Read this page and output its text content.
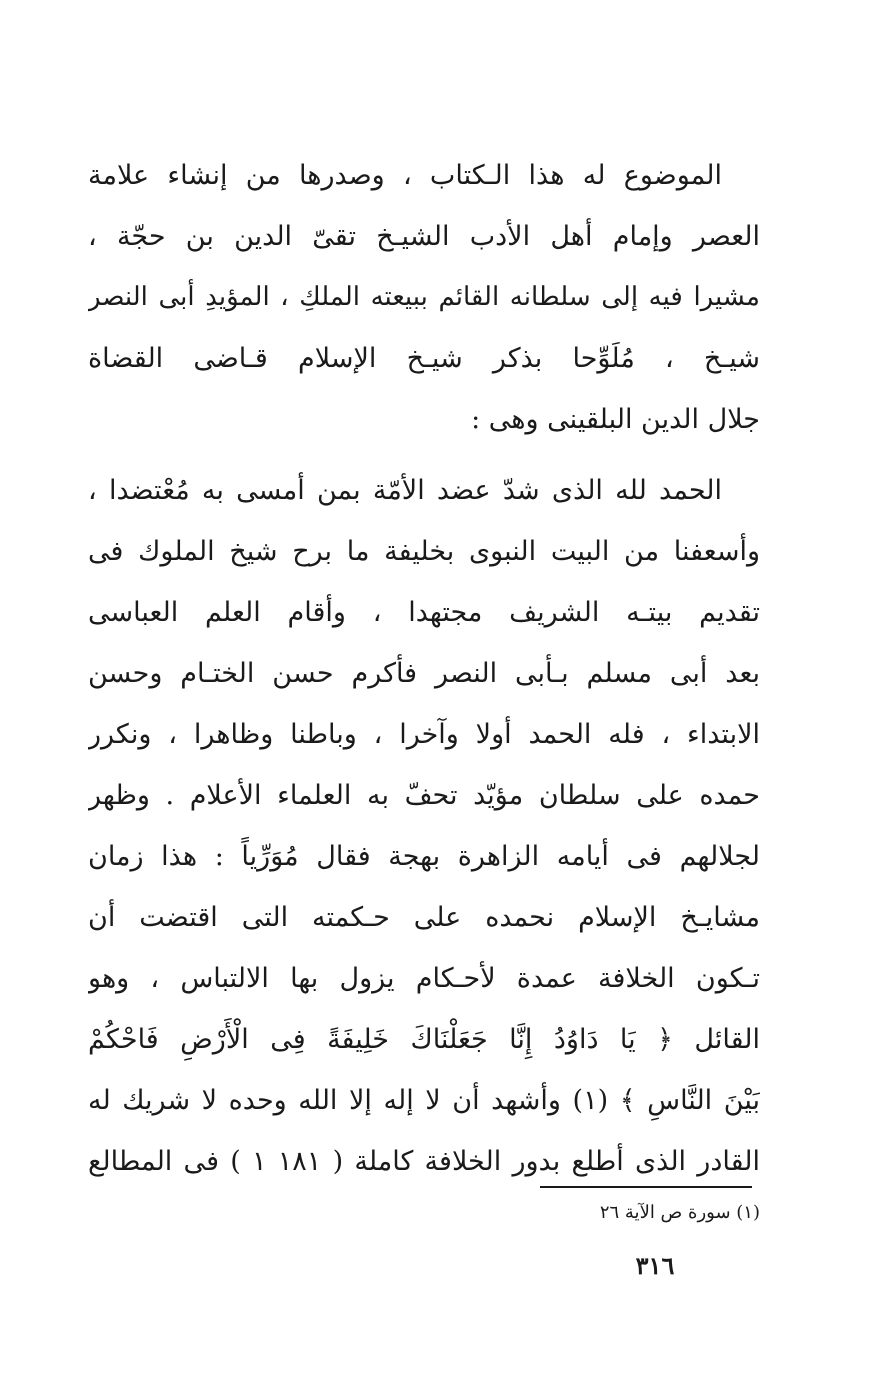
الموضوع له هذا الـكتاب ، وصدرها من إنشاء علامة
العصر وإمام أهل الأدب الشيـخ تقىّ الدين بن حجّة ،
مشيرا فيه إلى سلطانه القائم ببيعته الملكِ ، المؤيدِ أبى النصر
شيـخ ، مُلَوِّحا بذكر شيـخ الإسلام قـاضى القضاة
جلال الدين البلقينى وهى :
الحمد لله الذى شدّ عضد الأمّة بمن أمسى به مُعْتضدا ،
وأسعفنا من البيت النبوى بخليفة ما برح شيخ الملوك فى
تقديم بيتـه الشريف مجتهدا ، وأقام العلم العباسى
بعد أبى مسلم بـأبى النصر فأكرم حسن الختـام وحسن
الابتداء ، فله الحمد أولا وآخرا ، وباطنا وظاهرا ، ونكرر
حمده على سلطان مؤيّد تحفّ به العلماء الأعلام . وظهر
لجلالهم فى أيامه الزاهرة بهجة فقال مُوَرِّياً : هذا زمان
مشايـخ الإسلام نحمده على حـكمته التى اقتضت أن
تـكون الخلافة عمدة لأحـكام يزول بها الالتباس ، وهو
القائل ﴿ يَا دَاوُدُ إِنَّا جَعَلْنَاكَ خَلِيفَةً فِى الْأَرْضِ فَاحْكُمْ
بَيْنَ النَّاسِ ﴾ (١) وأشهد أن لا إله إلا الله وحده لا شريك له
القادر الذى أطلع بدور الخلافة كاملة ( ١٨١ ١ ) فى المطالع
(١) سورة ص الآية ٢٦
٣١٦
